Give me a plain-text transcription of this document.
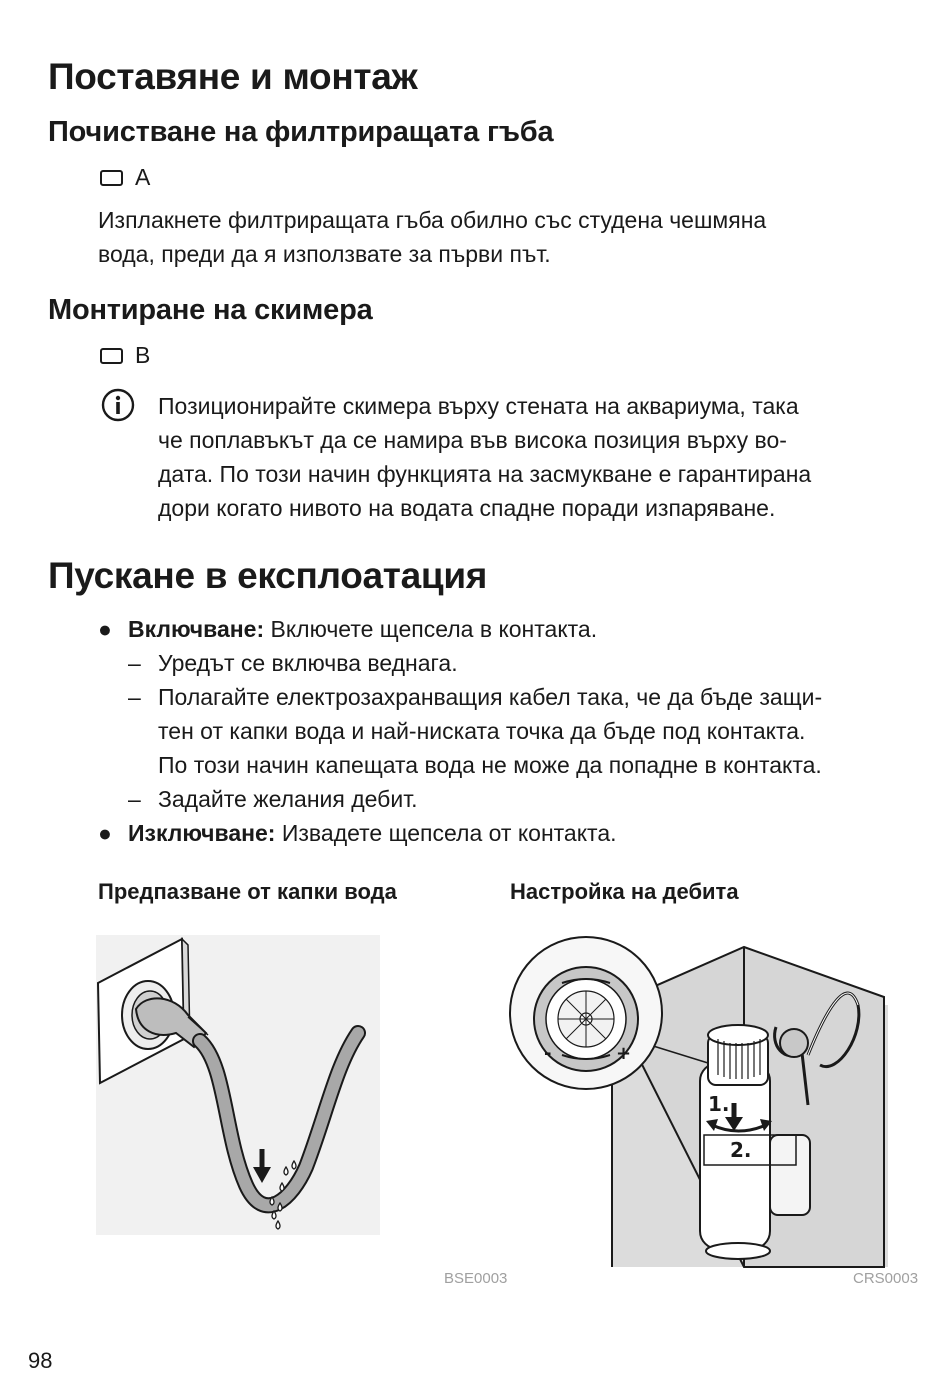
Поставяне и монтаж
Почистване на филтриращата гъба
A
Изплакнете филтриращата гъба обилно със студена чешмяна
вода, преди да я използвате за първи път.
Монтиране на скимера
B
Позиционирайте скимера върху стената на аквариума, така
че поплавъкът да се намира във висока позиция върху во-
дата. По този начин функцията на засмукване е гарантирана
дори когато нивото на водата спадне поради изпаряване.
Пускане в експлоатация
● Включване: Включете щепсела в контакта.
– Уредът се включва веднага.
– Полагайте електрозахранващия кабел така, че да бъде защи-
тен от капки вода и най-ниската точка да бъде под контакта.
По този начин капещата вода не може да попадне в контакта.
– Задайте желания дебит.
● Изключване: Извадете щепсела от контакта.
Предпазване от капки вода	Настройка на дебита
1.
2.
-	+
BSE0003	CRS0003
98
